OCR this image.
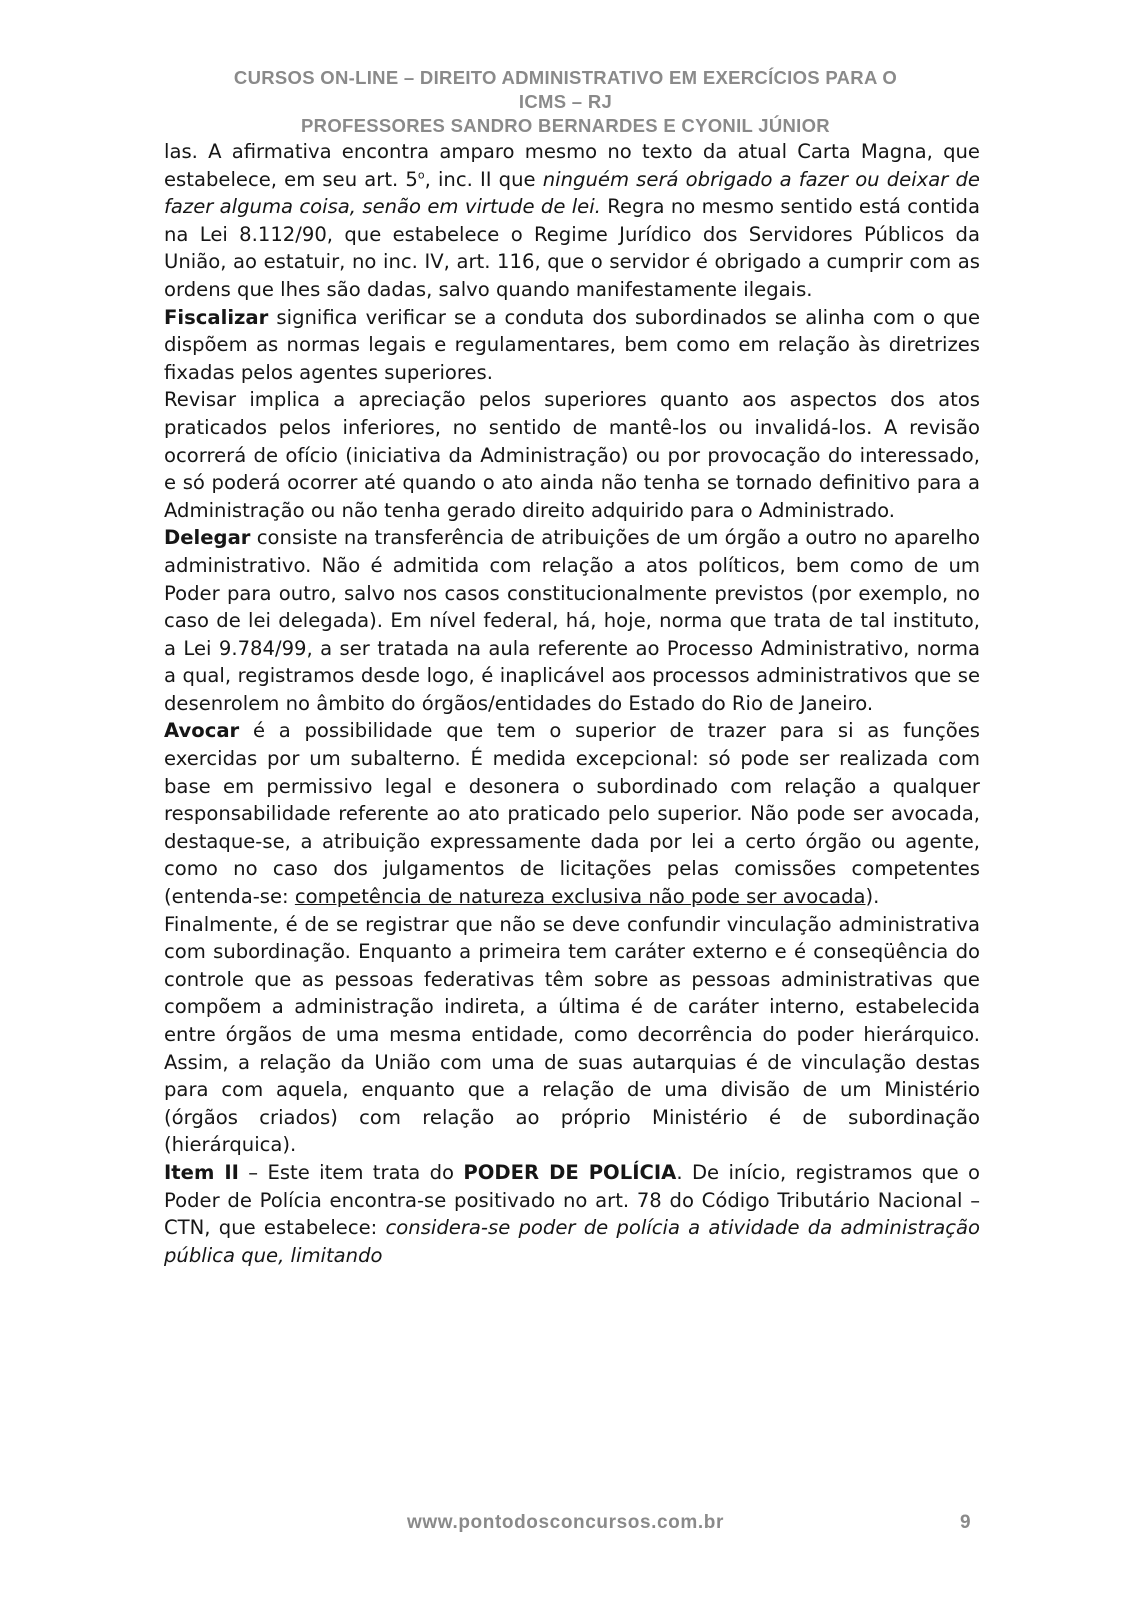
CURSOS ON-LINE – DIREITO ADMINISTRATIVO EM EXERCÍCIOS PARA O
ICMS – RJ
PROFESSORES SANDRO BERNARDES E CYONIL JÚNIOR

las. A afirmativa encontra amparo mesmo no texto da atual Carta Magna, que estabelece, em seu art. 5$^o$, inc. II que ninguém será obrigado a fazer ou deixar de fazer alguma coisa, senão em virtude de lei. Regra no mesmo sentido está contida na Lei 8.112/90, que estabelece o Regime Jurídico dos Servidores Públicos da União, ao estatuir, no inc. IV, art. 116, que o servidor é obrigado a cumprir com as ordens que lhes são dadas, salvo quando manifestamente ilegais.

Fiscalizar significa verificar se a conduta dos subordinados se alinha com o que dispõem as normas legais e regulamentares, bem como em relação às diretrizes fixadas pelos agentes superiores.

Revisar implica a apreciação pelos superiores quanto aos aspectos dos atos praticados pelos inferiores, no sentido de mantê-los ou invalidá-los. A revisão ocorrerá de ofício (iniciativa da Administração) ou por provocação do interessado, e só poderá ocorrer até quando o ato ainda não tenha se tornado definitivo para a Administração ou não tenha gerado direito adquirido para o Administrado.

Delegar consiste na transferência de atribuições de um órgão a outro no aparelho administrativo. Não é admitida com relação a atos políticos, bem como de um Poder para outro, salvo nos casos constitucionalmente previstos (por exemplo, no caso de lei delegada). Em nível federal, há, hoje, norma que trata de tal instituto, a Lei 9.784/99, a ser tratada na aula referente ao Processo Administrativo, norma a qual, registramos desde logo, é inaplicável aos processos administrativos que se desenrolem no âmbito do órgãos/entidades do Estado do Rio de Janeiro.

Avocar é a possibilidade que tem o superior de trazer para si as funções exercidas por um subalterno. É medida excepcional: só pode ser realizada com base em permissivo legal e desonera o subordinado com relação a qualquer responsabilidade referente ao ato praticado pelo superior. Não pode ser avocada, destaque-se, a atribuição expressamente dada por lei a certo órgão ou agente, como no caso dos julgamentos de licitações pelas comissões competentes (entenda-se: competência de natureza exclusiva não pode ser avocada).

Finalmente, é de se registrar que não se deve confundir vinculação administrativa com subordinação. Enquanto a primeira tem caráter externo e é conseqüência do controle que as pessoas federativas têm sobre as pessoas administrativas que compõem a administração indireta, a última é de caráter interno, estabelecida entre órgãos de uma mesma entidade, como decorrência do poder hierárquico. Assim, a relação da União com uma de suas autarquias é de vinculação destas para com aquela, enquanto que a relação de uma divisão de um Ministério (órgãos criados) com relação ao próprio Ministério é de subordinação (hierárquica).

Item II – Este item trata do PODER DE POLÍCIA. De início, registramos que o Poder de Polícia encontra-se positivado no art. 78 do Código Tributário Nacional – CTN, que estabelece: considera-se poder de polícia a atividade da administração pública que, limitando

www.pontodosconcursos.com.br	9
